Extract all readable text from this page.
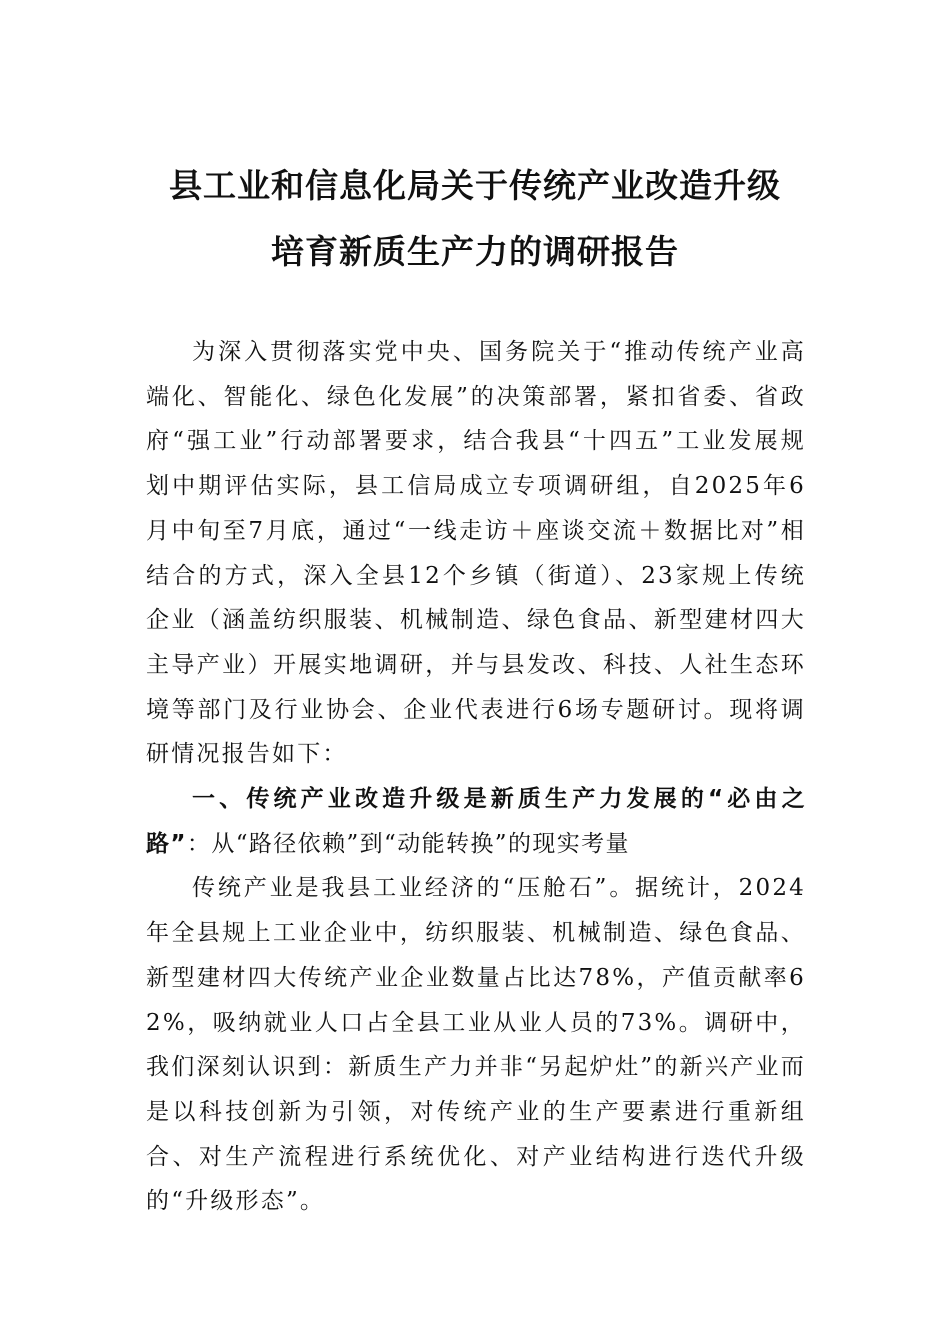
县工业和信息化局关于传统产业改造升级
培育新质生产力的调研报告

为深入贯彻落实党中央、国务院关于“推动传统产业高端化、智能化、绿色化发展”的决策部署，紧扣省委、省政府“强工业”行动部署要求，结合我县“十四五”工业发展规划中期评估实际，县工信局成立专项调研组，自2025年6月中旬至7月底，通过“一线走访＋座谈交流＋数据比对”相结合的方式，深入全县12个乡镇（街道）、23家规上传统企业（涵盖纺织服装、机械制造、绿色食品、新型建材四大主导产业）开展实地调研，并与县发改、科技、人社生态环境等部门及行业协会、企业代表进行6场专题研讨。现将调研情况报告如下：

一、传统产业改造升级是新质生产力发展的“必由之路”：从“路径依赖”到“动能转换”的现实考量

传统产业是我县工业经济的“压舱石”。据统计，2024年全县规上工业企业中，纺织服装、机械制造、绿色食品、新型建材四大传统产业企业数量占比达78%，产值贡献率62%，吸纳就业人口占全县工业从业人员的73%。调研中，我们深刻认识到：新质生产力并非“另起炉灶”的新兴产业而是以科技创新为引领，对传统产业的生产要素进行重新组合、对生产流程进行系统优化、对产业结构进行迭代升级的“升级形态”。
